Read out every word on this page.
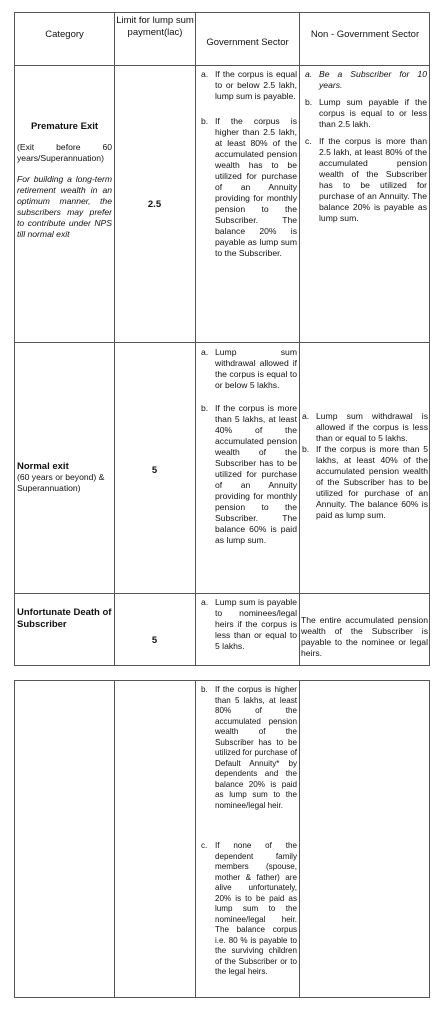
Category
Limit for lump sum payment(lac)
Government Sector
Non - Government Sector
Premature Exit
(Exit before 60 years/Superannuation)
For building a long-term retirement wealth in an optimum manner, the subscribers may prefer to contribute under NPS till normal exit
2.5
a. If the corpus is equal to or below 2.5 lakh, lump sum is payable.
b. If the corpus is higher than 2.5 lakh, at least 80% of the accumulated pension wealth has to be utilized for purchase of an Annuity providing for monthly pension to the Subscriber. The balance 20% is payable as lump sum to the Subscriber.
a. Be a Subscriber for 10 years.
b. Lump sum payable if the corpus is equal to or less than 2.5 lakh.
c. If the corpus is more than 2.5 lakh, at least 80% of the accumulated pension wealth of the Subscriber has to be utilized for purchase of an Annuity. The balance 20% is payable as lump sum.
Normal exit
(60 years or beyond) & Superannuation)
5
a. Lump sum withdrawal allowed if the corpus is equal to or below 5 lakhs.
b. If the corpus is more than 5 lakhs, at least 40% of the accumulated pension wealth of the Subscriber has to be utilized for purchase of an Annuity providing for monthly pension to the Subscriber. The balance 60% is paid as lump sum.
a. Lump sum withdrawal is allowed if the corpus is less than or equal to 5 lakhs.
b. If the corpus is more than 5 lakhs, at least 40% of the accumulated pension wealth of the Subscriber has to be utilized for purchase of an Annuity. The balance 60% is paid as lump sum.
Unfortunate Death of Subscriber
5
a. Lump sum is payable to nominees/legal heirs if the corpus is less than or equal to 5 lakhs.
The entire accumulated pension wealth of the Subscriber is payable to the nominee or legal heirs.
b. If the corpus is higher than 5 lakhs, at least 80% of the accumulated pension wealth of the Subscriber has to be utilized for purchase of Default Annuity* by dependents and the balance 20% is paid as lump sum to the nominee/legal heir.
c. If none of the dependent family members (spouse, mother & father) are alive unfortunately, 20% is to be paid as lump sum to the nominee/legal heir. The balance corpus i.e. 80 % is payable to the surviving children of the Subscriber or to the legal heirs.
